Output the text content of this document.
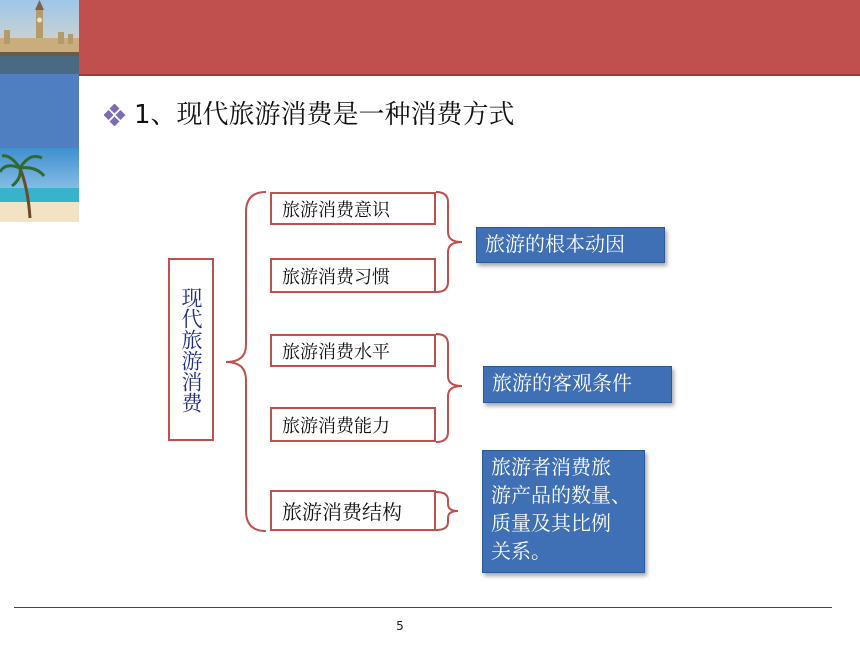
1、现代旅游消费是一种消费方式
现代旅游消费
旅游消费意识
旅游消费习惯
旅游消费水平
旅游消费能力
旅游消费结构
旅游的根本动因
旅游的客观条件
旅游者消费旅
游产品的数量、
质量及其比例
关系。
5
